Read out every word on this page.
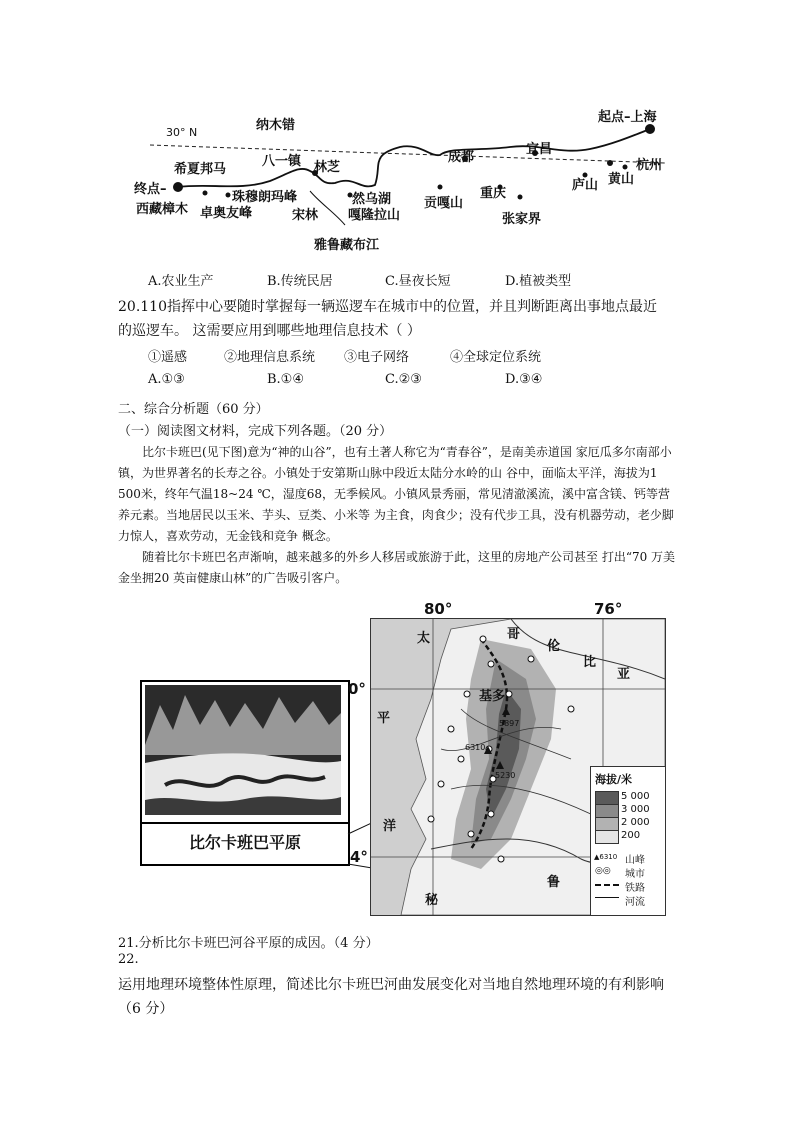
30° N
起点–上海
终点–
纳木错
希夏邦马
八一镇 林芝
成都
宜昌
杭州
西藏樟木 卓奥友峰
珠穆朗玛峰
宋林
然乌湖
嘎隆拉山
贡嘎山
重庆
张家界
庐山 黄山
雅鲁藏布江
A.农业生产	B.传统民居	C.昼夜长短	D.植被类型
20.110指挥中心要随时掌握每一辆巡逻车在城市中的位置，并且判断距离出事地点最近
的巡逻车。 这需要应用到哪些地理信息技术（ ）
①遥感	②地理信息系统 ③电子网络	④全球定位系统
A.①③	B.①④	C.②③	D.③④
二、综合分析题（60 分）
（一）阅读图文材料，完成下列各题。（20 分）

比尔卡班巴(见下图)意为“神的山谷”，也有土著人称它为“青春谷”，是南美赤道国 家厄瓜多尔南部小镇，为世界著名的长寿之谷。小镇处于安第斯山脉中段近太陆分水岭的山 谷中，面临太平洋，海拔为1 500米，终年气温18~24 ℃，湿度68，无季候风。小镇风景秀丽，常见清澈溪流，溪中富含镁、钙等营养元素。当地居民以玉米、芋头、豆类、小米等 为主食，肉食少；没有代步工具，没有机器劳动，老少脚力惊人，喜欢劳动，无金钱和竞争 概念。

随着比尔卡班巴名声渐响，越来越多的外乡人移居或旅游于此，这里的房地产公司甚至 打出“70 万美金坐拥20 英亩健康山林”的广告吸引客户。

比尔卡班巴平原
80°	76°
0°
4°
太
平
洋
哥
伦
比
亚
基多
秘
鲁
5897
6310
5230	海拔/米
5 000
3 000
2 000
200
▲6310 山峰
◎◎ 城市
铁路
河流
21.分析比尔卡班巴河谷平原的成因。（4 分）
22.
运用地理环境整体性原理，简述比尔卡班巴河曲发展变化对当地自然地理环境的有利影响
（6 分）
